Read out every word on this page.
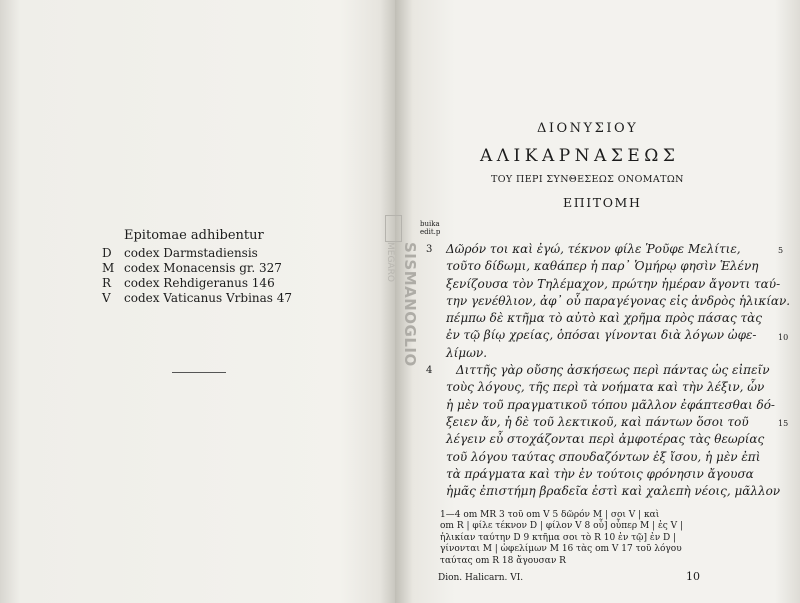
Epitomae adhibentur
D	codex Darmstadiensis
M codex Monacensis gr. 327
R	codex Rehdigeranus 146
V	codex Vaticanus Vrbinas 47
MEGARO SISMANOGLIO
ΔΙΟΝΥΣΙΟΥ
ΑΛΙΚΑΡΝΑΣΕΩΣ
ΤΟΥ ΠΕΡΙ ΣΥΝΘΕΣΕΩΣ ΟΝΟΜΑΤΩΝ
ΕΠΙΤΟΜΗ
buika
edit.p
3
4
5
10
15
Δῶρόν τοι καὶ ἐγώ, τέκνον φίλε Ῥοῦφε Μελίτιε,
τοῦτο δίδωμι, καθάπερ ἡ παρ᾽ Ὁμήρῳ φησὶν Ἑλένη
ξενίζουσα τὸν Τηλέμαχον, πρώτην ἡμέραν ἄγοντι ταύ-
την γενέθλιον, ἀφ᾽ οὗ παραγέγονας εἰς ἀνδρὸς ἡλικίαν.
πέμπω δὲ κτῆμα τὸ αὐτὸ καὶ χρῆμα πρὸς πάσας τὰς
ἐν τῷ βίῳ χρείας, ὁπόσαι γίνονται διὰ λόγων ὠφε-
λίμων.
Διττῆς γὰρ οὔσης ἀσκήσεως περὶ πάντας ὡς εἰπεῖν
τοὺς λόγους, τῆς περὶ τὰ νοήματα καὶ τὴν λέξιν, ὧν
ἡ μὲν τοῦ πραγματικοῦ τόπου μᾶλλον ἐφάπτεσθαι δό-
ξειεν ἄν, ἡ δὲ τοῦ λεκτικοῦ, καὶ πάντων ὅσοι τοῦ
λέγειν εὖ στοχάζονται περὶ ἀμφοτέρας τὰς θεωρίας
τοῦ λόγου ταύτας σπουδαζόντων ἐξ ἴσου, ἡ μὲν ἐπὶ
τὰ πράγματα καὶ τὴν ἐν τούτοις φρόνησιν ἄγουσα
ἡμᾶς ἐπιστήμη βραδεῖα ἐστὶ καὶ χαλεπὴ νέοις, μᾶλλον
1—4 om MR 3 τοῦ om V 5 δῶρόν M | σοι V | καὶ
om R | φίλε τέκνον D | φίλον V 8 οὗ] οὗπερ M | ἐς V |
ἡλικίαν ταύτην D 9 κτῆμα σοι τὸ R 10 ἐν τῷ] ἐν D |
γίνονται M | ὠφελίμων M 16 τὰς om V 17 τοῦ λόγου
ταύτας om R 18 ἄγουσαν R
Dion. Halicarn. VI.	10
